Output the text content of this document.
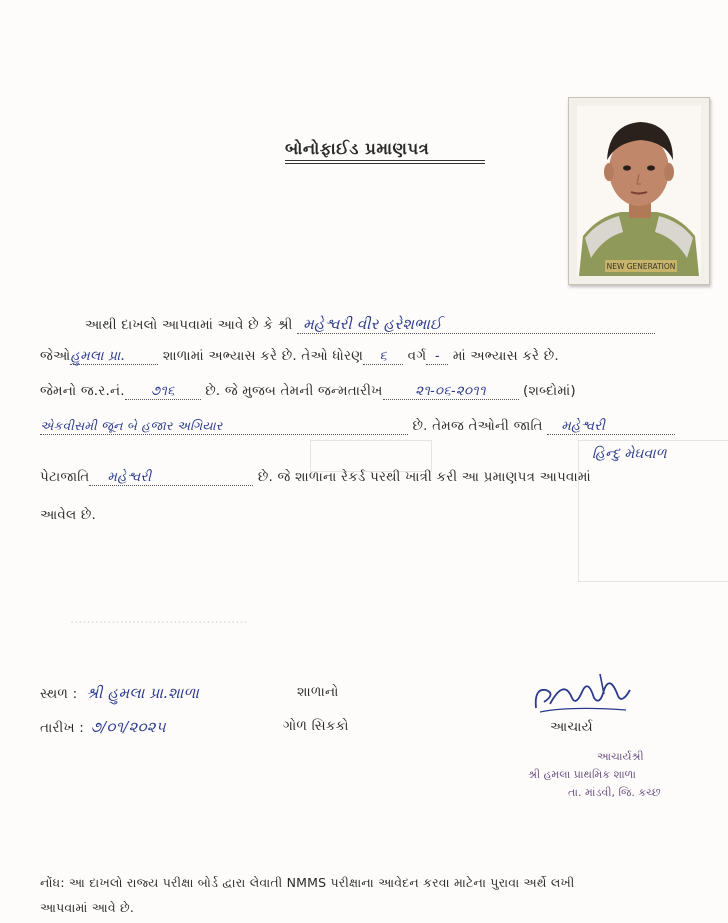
...........................................
બોનોફાઈડ પ્રમાણપત્ર
NEW GENERATION
આથી દાખલો આપવામાં આવે છે કે શ્રી મહેશ્વરી વીર હરેશભાઈ
જેઓહુમલા પ્રા.	શાળામાં અભ્યાસ કરે છે. તેઓ ધોરણ ૬ વર્ગ - માં અભ્યાસ કરે છે.
જેમનો જ.ર.નં. ૭૧૬ છે. જે મુજબ તેમની જન્મતારીખ ૨૧-૦૬-૨૦૧૧	(શબ્દોમાં)
એકવીસમી જૂન બે હજાર અગિયાર	છે. તેમજ તેઓની જાતિ મહેશ્વરી
હિન્દુ મેઘવાળ
પેટાજાતિ મહેશ્વરી	છે. જે શાળાના રેકર્ડ પરથી ખાત્રી કરી આ પ્રમાણપત્ર આપવામાં
આવેલ છે.
સ્થળ : શ્રી હુમલા પ્રા.શાળા	શાળાનો
તારીખ : ૭/૦૧/૨૦૨૫	ગોળ સિકકો	આચાર્ય
આચાર્યશ્રી
શ્રી હમલા પ્રાથમિક શાળા
તા. માંડવી, જિ. કચ્છ
નોંધ: આ દાખલો રાજ્ય પરીક્ષા બોર્ડ દ્વારા લેવાતી NMMS પરીક્ષાના આવેદન કરવા માટેના પુરાવા અર્થે લખી
આપવામાં આવે છે.
